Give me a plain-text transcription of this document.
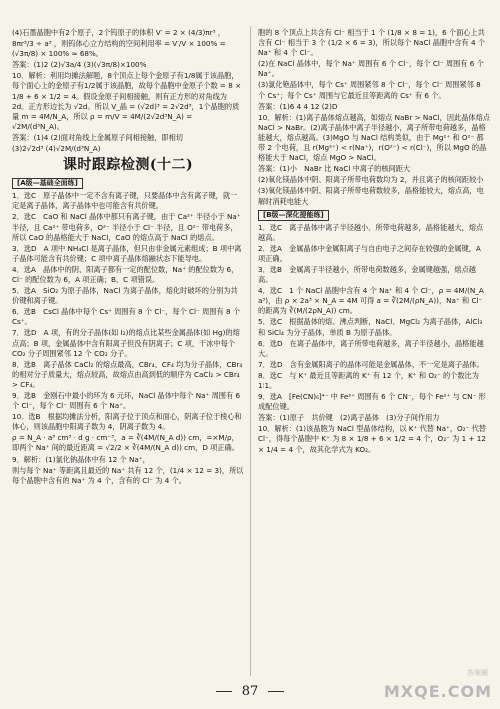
(4)石墨晶胞中有2个原子，2个钨原子的体积 V′ = 2 × (4/3)πr³ ，
8πr³/3 ÷ a³ ，则钨体心立方结构的空间利用率 = V′/V × 100% = (√3π/8) × 100% ≈ 68%。
答案：(1)2 (2)√3a/4 (3)(√3π/8)×100%
10．解析：利用均摊法解题，8个顶点上每个金原子有1/8属于该晶胞，每个面心上的金原子有1/2属于该晶胞，故每个晶胞中金原子个数 = 8 × 1/8 + 6 × 1/2 = 4。假设金原子间相接触，则有正方形的对角线为 2d。正方形边长为 √2d。所以 V_晶 = (√2d)³ = 2√2d³，1个晶胞的质量 m = 4M/N_A，所以 ρ = m/V = 4M/(2√2d³N_A) = √2M/(d³N_A)。
答案：(1)4 (2)面对角线上金属原子间相接触，即相切
(3)2√2d³ (4)√2M/(d³N_A)
课时跟踪检测(十二)
[A级—基础全面练]
1．选C　原子晶体中一定不含有离子键，只要晶体中含有离子键，就一定是离子晶体，离子晶体中也可能含有共价键。
2．选C　CaO 和 NaCl 晶体中都只有离子键，由于 Ca²⁺ 半径小于 Na⁺ 半径，且 Ca²⁺ 带电荷多，O²⁻ 半径小于 Cl⁻ 半径，且 O²⁻ 带电荷多，所以 CaO 的晶格能大于 NaCl，CaO 的熔点高于 NaCl 的熔点。
3．选D　A 项中 NH₄Cl 是离子晶体，但只由非金属元素组成；B 项中离子晶体可能含有共价键；C 项中离子晶体熔融状态下能导电。
4．选A　晶体中的阴、阳离子都有一定的配位数，Na⁺ 的配位数为 6，Cl⁻ 的配位数为 6，A 项正确；B、C 项错误。
5．选A　SiO₂ 为原子晶体，NaCl 为离子晶体，熔化时破坏的分别为共价键和离子键。
6．选B　CsCl 晶体中每个 Cs⁺ 周围有 8 个 Cl⁻，每个 Cl⁻ 周围有 8 个 Cs⁺。
7．选D　A 项，有的分子晶体(如 I₂)的熔点比某些金属晶体(如 Hg)的熔点高；B 项，金属晶体中含有阳离子但没有阴离子；C 项，干冰中每个 CO₂ 分子周围紧邻 12 个 CO₂ 分子。
8．选B　离子晶体 CaCl₂ 的熔点最高，CBr₄、CF₄ 均为分子晶体，CBr₄ 的相对分子质量大，熔点较高，故熔点由高到低的顺序为 CaCl₂ > CBr₄ > CF₄。
9．选B　金刚石中最小的环为 6 元环，NaCl 晶体中每个 Na⁺ 周围有 6 个 Cl⁻，每个 Cl⁻ 周围有 6 个 Na⁺。
10．选B　根据均摊法分析，阳离子位于顶点和面心，阴离子位于棱心和体心，则该晶胞中阳离子数为 4，阴离子数为 4。
ρ = N_A · a³ cm³ · d g · cm⁻³，a = ∛(4M/(N_A d)) cm，=×M/ρ，即两个 Na⁺ 间的最近距离 = √2/2 × ∛(4M/(N_A d)) cm，D 项正确。
9．解析：(1)氯化钠晶体中有 12 个 Na⁺，
则与每个 Na⁺ 等距离且最近的 Na⁺ 共有 12 个，(1/4 × 12 = 3)，所以每个晶胞中含有的 Na⁺ 为 4 个，含有的 Cl⁻ 为 4 个。
胞的 8 个顶点上共含有 Cl⁻ 相当于 1 个 (1/8 × 8 = 1)，6 个面心上共含有 Cl⁻ 相当于 3 个 (1/2 × 6 = 3)，所以每个 NaCl 晶胞中含有 4 个 Na⁺ 和 4 个 Cl⁻。
(2)在 NaCl 晶体中，每个 Na⁺ 周围有 6 个 Cl⁻，每个 Cl⁻ 周围有 6 个 Na⁺。
(3)氯化铯晶体中，每个 Cs⁺ 周围紧邻 8 个 Cl⁻，每个 Cl⁻ 周围紧邻 8 个 Cs⁺；每个 Cs⁺ 周围与它最近且等距离的 Cs⁺ 有 6 个。
答案：(1)6 4 4 12 (2)D
10．解析：(1)离子晶体熔点越高，如熔点 NaBr > NaCl，因此晶体熔点 NaCl > NaBr。(2)离子晶体中离子半径越小，离子所带电荷越多，晶格能越大，熔点越高。(3)MgO 与 NaCl 结构类似，由于 Mg²⁺ 和 O²⁻ 都带 2 个电荷，且 r(Mg²⁺) < r(Na⁺)，r(O²⁻) < r(Cl⁻)，所以 MgO 的晶格能大于 NaCl，熔点 MgO > NaCl。
答案：(1)小　NaBr 比 NaCl 中离子的核间距大
(2)氧化镁晶体中阴、阳离子所带电荷数均为 2，并且离子的核间距较小
(3)氧化镁晶体中阴、阳离子所带电荷数较多，晶格能较大，熔点高，电解时消耗电能大
[B级—深化提能练]
1．选C　离子晶体中离子半径越小、所带电荷越多，晶格能越大，熔点越高。
2．选A　金属晶体中金属阳离子与自由电子之间存在较强的金属键，A 项正确。
3．选B　金属离子半径越小，所带电荷数越多，金属键越强，熔点越高。
4．选C　1 个 NaCl 晶胞中含有 4 个 Na⁺ 和 4 个 Cl⁻，ρ = 4M/(N_A a³)，由 ρ × 2a³ × N_A = 4M 可得 a = ∛(2M/(ρN_A))，Na⁺ 和 Cl⁻ 的距离为 ∛(M/(2ρN_A)) cm。
5．选C　根据晶体的熔、沸点判断，NaCl、MgCl₂ 为离子晶体，AlCl₃ 和 SiCl₄ 为分子晶体，单质 B 为原子晶体。
6．选D　在离子晶体中，离子所带电荷越多，离子半径越小，晶格能越大。
7．选D　含有金属阳离子的晶体可能是金属晶体，不一定是离子晶体。
8．选C　与 K⁺ 最近且等距离的 K⁺ 有 12 个，K⁺ 和 O₂⁻ 的个数比为 1∶1。
9．选A　[Fe(CN)₆]⁴⁻ 中 Fe²⁺ 周围有 6 个 CN⁻，每个 Fe²⁺ 与 CN⁻ 形成配位键。
答案：(1)原子　共价键　(2)离子晶体　(3)分子间作用力
10．解析：(1)该晶胞为 NaCl 型晶体结构，以 K⁺ 代替 Na⁺，O₂⁻ 代替 Cl⁻，得每个晶胞中 K⁺ 为 8 × 1/8 + 6 × 1/2 = 4 个，O₂⁻ 为 1 + 12 × 1/4 = 4 个，故其化学式为 KO₂。
87
答案圈
MXQE.COM
